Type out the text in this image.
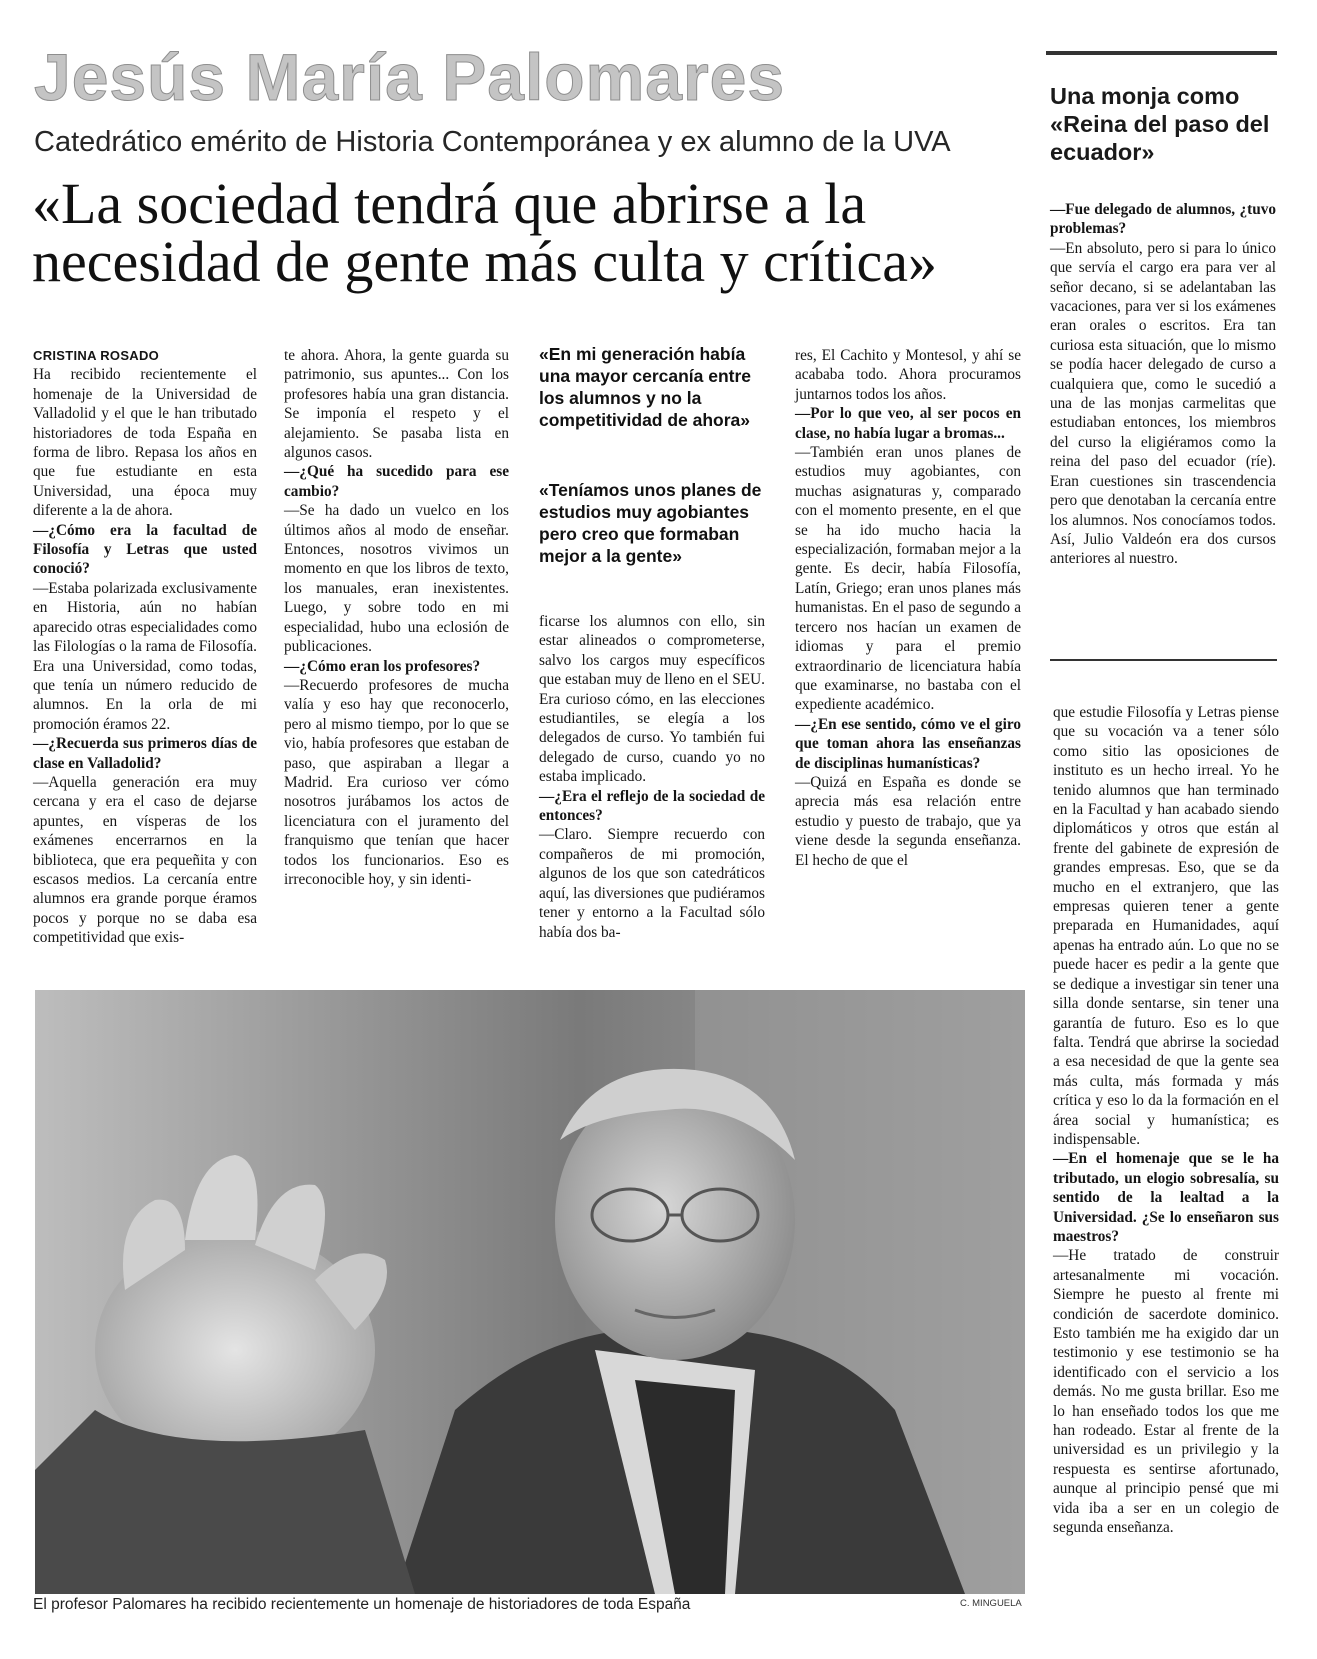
Jesús María Palomares

Catedrático emérito de Historia Contemporánea y ex alumno de la UVA

«La sociedad tendrá que abrirse a la necesidad de gente más culta y crítica»

CRISTINA ROSADO

Ha recibido recientemente el homenaje de la Universidad de Valladolid y el que le han tributado historiadores de toda España en forma de libro. Repasa los años en que fue estudiante en esta Universidad, una época muy diferente a la de ahora.

—¿Cómo era la facultad de Filosofía y Letras que usted conoció?

—Estaba polarizada exclusivamente en Historia, aún no habían aparecido otras especialidades como las Filologías o la rama de Filosofía. Era una Universidad, como todas, que tenía un número reducido de alumnos. En la orla de mi promoción éramos 22.

—¿Recuerda sus primeros días de clase en Valladolid?

—Aquella generación era muy cercana y era el caso de dejarse apuntes, en vísperas de los exámenes encerrarnos en la biblioteca, que era pequeñita y con escasos medios. La cercanía entre alumnos era grande porque éramos pocos y porque no se daba esa competitividad que exis-

te ahora. Ahora, la gente guarda su patrimonio, sus apuntes... Con los profesores había una gran distancia. Se imponía el respeto y el alejamiento. Se pasaba lista en algunos casos.

—¿Qué ha sucedido para ese cambio?

—Se ha dado un vuelco en los últimos años al modo de enseñar. Entonces, nosotros vivimos un momento en que los libros de texto, los manuales, eran inexistentes. Luego, y sobre todo en mi especialidad, hubo una eclosión de publicaciones.

—¿Cómo eran los profesores?

—Recuerdo profesores de mucha valía y eso hay que reconocerlo, pero al mismo tiempo, por lo que se vio, había profesores que estaban de paso, que aspiraban a llegar a Madrid. Era curioso ver cómo nosotros jurábamos los actos de licenciatura con el juramento del franquismo que tenían que hacer todos los funcionarios. Eso es irreconocible hoy, y sin identi-

«En mi generación había una mayor cercanía entre los alumnos y no la competitividad de ahora»

«Teníamos unos planes de estudios muy agobiantes pero creo que formaban mejor a la gente»

ficarse los alumnos con ello, sin estar alineados o comprometerse, salvo los cargos muy específicos que estaban muy de lleno en el SEU. Era curioso cómo, en las elecciones estudiantiles, se elegía a los delegados de curso. Yo también fui delegado de curso, cuando yo no estaba implicado.

—¿Era el reflejo de la sociedad de entonces?

—Claro. Siempre recuerdo con compañeros de mi promoción, algunos de los que son catedráticos aquí, las diversiones que pudiéramos tener y entorno a la Facultad sólo había dos ba-

res, El Cachito y Montesol, y ahí se acababa todo. Ahora procuramos juntarnos todos los años.

—Por lo que veo, al ser pocos en clase, no había lugar a bromas...

—También eran unos planes de estudios muy agobiantes, con muchas asignaturas y, comparado con el momento presente, en el que se ha ido mucho hacia la especialización, formaban mejor a la gente. Es decir, había Filosofía, Latín, Griego; eran unos planes más humanistas. En el paso de segundo a tercero nos hacían un examen de idiomas y para el premio extraordinario de licenciatura había que examinarse, no bastaba con el expediente académico.

—¿En ese sentido, cómo ve el giro que toman ahora las enseñanzas de disciplinas humanísticas?

—Quizá en España es donde se aprecia más esa relación entre estudio y puesto de trabajo, que ya viene desde la segunda enseñanza. El hecho de que el

Una monja como «Reina del paso del ecuador»

—Fue delegado de alumnos, ¿tuvo problemas?

—En absoluto, pero si para lo único que servía el cargo era para ver al señor decano, si se adelantaban las vacaciones, para ver si los exámenes eran orales o escritos. Era tan curiosa esta situación, que lo mismo se podía hacer delegado de curso a cualquiera que, como le sucedió a una de las monjas carmelitas que estudiaban entonces, los miembros del curso la eligiéramos como la reina del paso del ecuador (ríe). Eran cuestiones sin trascendencia pero que denotaban la cercanía entre los alumnos. Nos conocíamos todos. Así, Julio Valdeón era dos cursos anteriores al nuestro.

que estudie Filosofía y Letras piense que su vocación va a tener sólo como sitio las oposiciones de instituto es un hecho irreal. Yo he tenido alumnos que han terminado en la Facultad y han acabado siendo diplomáticos y otros que están al frente del gabinete de expresión de grandes empresas. Eso, que se da mucho en el extranjero, que las empresas quieren tener a gente preparada en Humanidades, aquí apenas ha entrado aún. Lo que no se puede hacer es pedir a la gente que se dedique a investigar sin tener una silla donde sentarse, sin tener una garantía de futuro. Eso es lo que falta. Tendrá que abrirse la sociedad a esa necesidad de que la gente sea más culta, más formada y más crítica y eso lo da la formación en el área social y humanística; es indispensable.

—En el homenaje que se le ha tributado, un elogio sobresalía, su sentido de la lealtad a la Universidad. ¿Se lo enseñaron sus maestros?

—He tratado de construir artesanalmente mi vocación. Siempre he puesto al frente mi condición de sacerdote dominico. Esto también me ha exigido dar un testimonio y ese testimonio se ha identificado con el servicio a los demás. No me gusta brillar. Eso me lo han enseñado todos los que me han rodeado. Estar al frente de la universidad es un privilegio y la respuesta es sentirse afortunado, aunque al principio pensé que mi vida iba a ser en un colegio de segunda enseñanza.

C. MINGUELA

El profesor Palomares ha recibido recientemente un homenaje de historiadores de toda España
